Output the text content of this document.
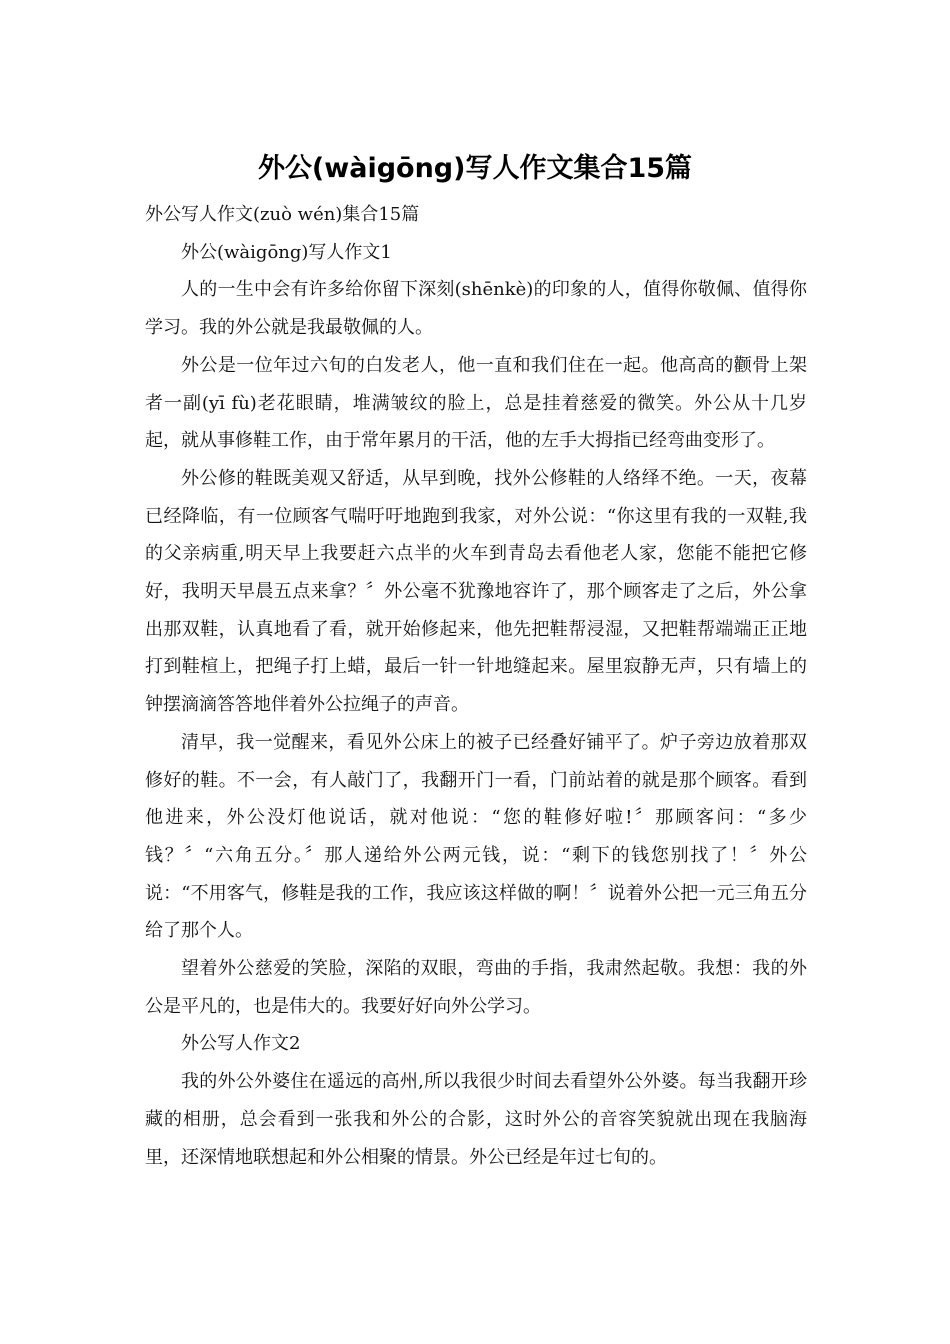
外公(wàigōng)写人作文集合15篇

外公写人作文(zuò wén)集合15篇

外公(wàigōng)写人作文1

人的一生中会有许多给你留下深刻(shēnkè)的印象的人，值得你敬佩、值得你学习。我的外公就是我最敬佩的人。

外公是一位年过六旬的白发老人，他一直和我们住在一起。他高高的颧骨上架者一副(yī fù)老花眼睛，堆满皱纹的脸上，总是挂着慈爱的微笑。外公从十几岁起，就从事修鞋工作，由于常年累月的干活，他的左手大拇指已经弯曲变形了。

外公修的鞋既美观又舒适，从早到晚，找外公修鞋的人络绎不绝。一天，夜幕已经降临，有一位顾客气喘吁吁地跑到我家，对外公说：“你这里有我的一双鞋,我的父亲病重,明天早上我要赶六点半的火车到青岛去看他老人家，您能不能把它修好，我明天早晨五点来拿？〞外公毫不犹豫地容许了，那个顾客走了之后，外公拿出那双鞋，认真地看了看，就开始修起来，他先把鞋帮浸湿，又把鞋帮端端正正地打到鞋楦上，把绳子打上蜡，最后一针一针地缝起来。屋里寂静无声，只有墙上的钟摆滴滴答答地伴着外公拉绳子的声音。

清早，我一觉醒来，看见外公床上的被子已经叠好铺平了。炉子旁边放着那双修好的鞋。不一会，有人敲门了，我翻开门一看，门前站着的就是那个顾客。看到他进来，外公没灯他说话，就对他说：“您的鞋修好啦!〞那顾客问：“多少钱？〞“六角五分。〞那人递给外公两元钱，说：“剩下的钱您别找了！〞外公说：“不用客气，修鞋是我的工作，我应该这样做的啊！〞说着外公把一元三角五分给了那个人。

望着外公慈爱的笑脸，深陷的双眼，弯曲的手指，我肃然起敬。我想：我的外公是平凡的，也是伟大的。我要好好向外公学习。

外公写人作文2

我的外公外婆住在遥远的高州,所以我很少时间去看望外公外婆。每当我翻开珍藏的相册，总会看到一张我和外公的合影，这时外公的音容笑貌就出现在我脑海里，还深情地联想起和外公相聚的情景。外公已经是年过七旬的。
